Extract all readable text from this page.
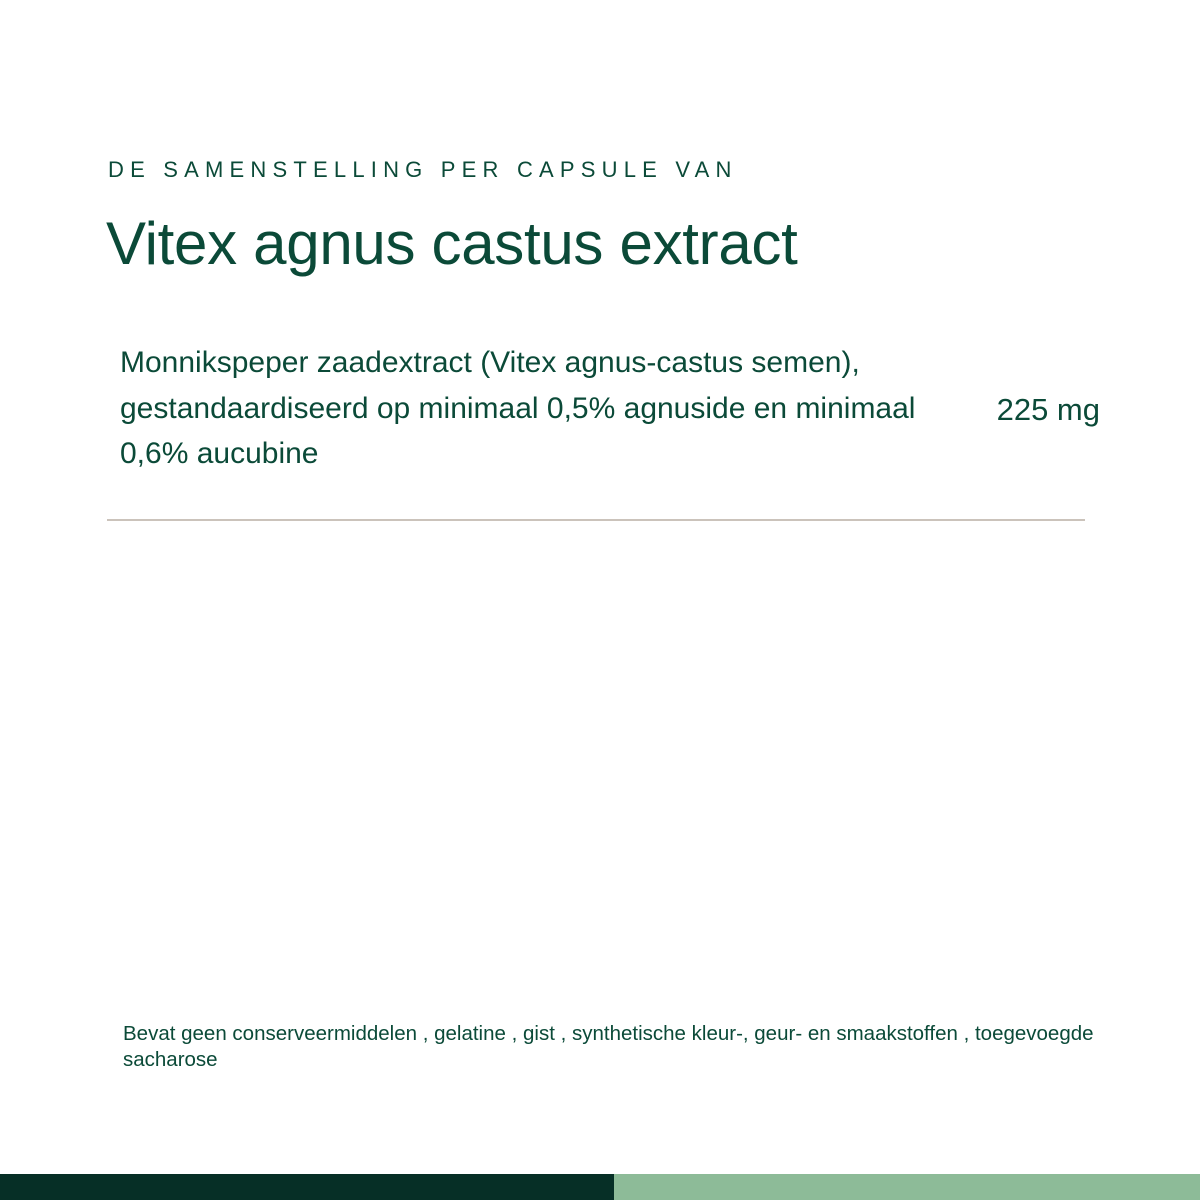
DE SAMENSTELLING PER CAPSULE VAN
Vitex agnus castus extract
Monnikspeper zaadextract (Vitex agnus-castus semen), gestandaardiseerd op minimaal 0,5% agnuside en minimaal 0,6% aucubine
225 mg
Bevat geen conserveermiddelen , gelatine , gist , synthetische kleur-, geur- en smaakstoffen , toegevoegde sacharose
